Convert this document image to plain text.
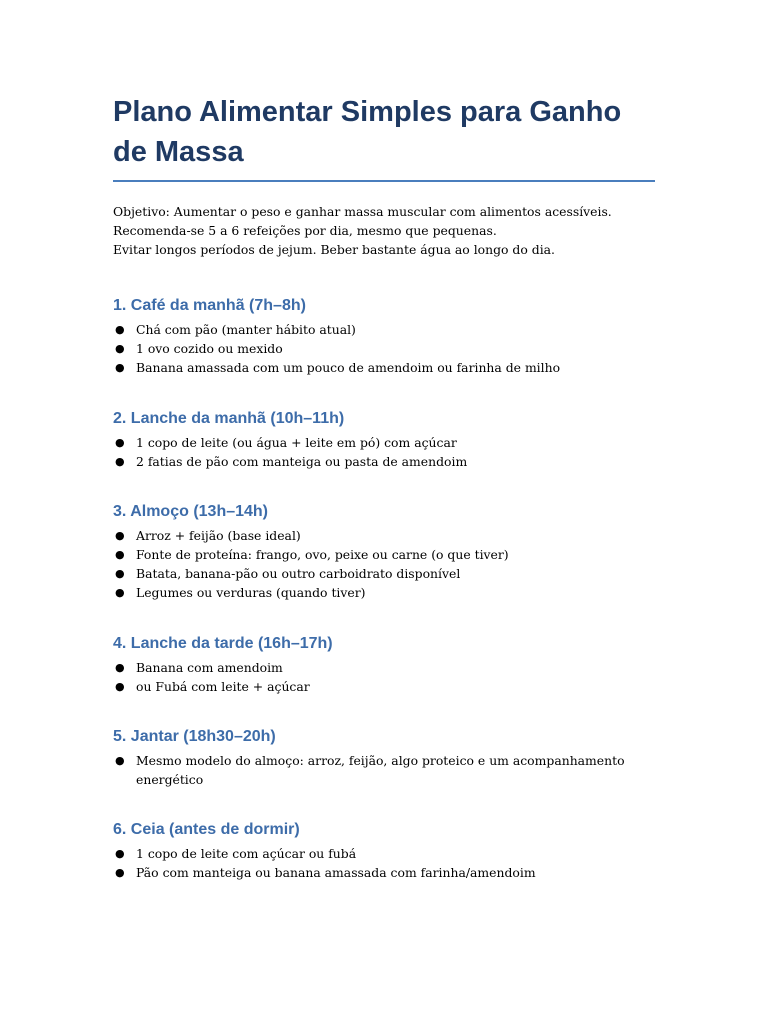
Plano Alimentar Simples para Ganho de Massa
Objetivo: Aumentar o peso e ganhar massa muscular com alimentos acessíveis.
Recomenda-se 5 a 6 refeições por dia, mesmo que pequenas.
Evitar longos períodos de jejum. Beber bastante água ao longo do dia.
1. Café da manhã (7h–8h)
● Chá com pão (manter hábito atual)
● 1 ovo cozido ou mexido
● Banana amassada com um pouco de amendoim ou farinha de milho
2. Lanche da manhã (10h–11h)
● 1 copo de leite (ou água + leite em pó) com açúcar
● 2 fatias de pão com manteiga ou pasta de amendoim
3. Almoço (13h–14h)
● Arroz + feijão (base ideal)
● Fonte de proteína: frango, ovo, peixe ou carne (o que tiver)
● Batata, banana-pão ou outro carboidrato disponível
● Legumes ou verduras (quando tiver)
4. Lanche da tarde (16h–17h)
● Banana com amendoim
● ou Fubá com leite + açúcar
5. Jantar (18h30–20h)
● Mesmo modelo do almoço: arroz, feijão, algo proteico e um acompanhamento energético
6. Ceia (antes de dormir)
● 1 copo de leite com açúcar ou fubá
● Pão com manteiga ou banana amassada com farinha/amendoim
